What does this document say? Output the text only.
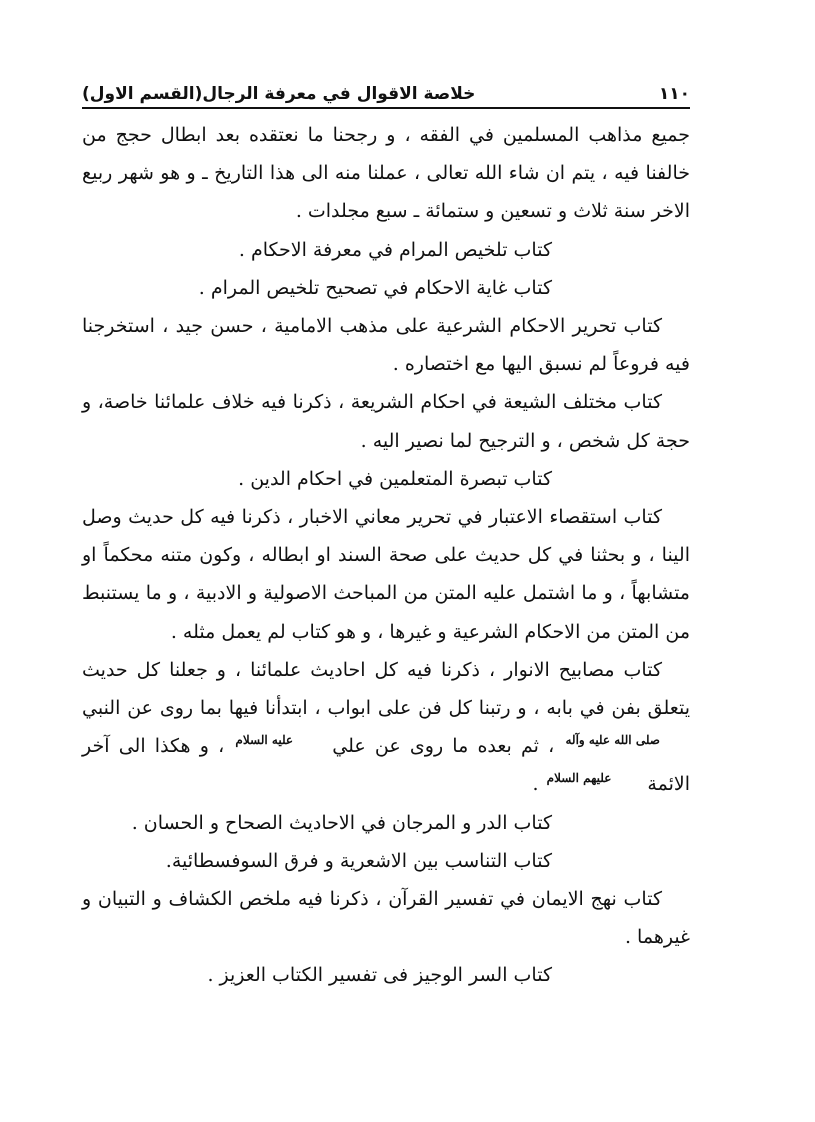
١١٠
خلاصة الاقوال في معرفة الرجال(القسم الاول)

جميع مذاهب المسلمين في الفقه ، و رجحنا ما نعتقده بعد ابطال حجج من خالفنا فيه ، يتم ان شاء الله تعالى ، عملنا منه الى هذا التاريخ ـ و هو شهر ربيع الاخر سنة ثلاث و تسعين و ستمائة ـ سبع مجلدات .

كتاب تلخيص المرام في معرفة الاحكام .

كتاب غاية الاحكام في تصحيح تلخيص المرام .

كتاب تحرير الاحكام الشرعية على مذهب الامامية ، حسن جيد ، استخرجنا فيه فروعاً لم نسبق اليها مع اختصاره .

كتاب مختلف الشيعة في احكام الشريعة ، ذكرنا فيه خلاف علمائنا خاصة، و حجة كل شخص ، و الترجيح لما نصير اليه .

كتاب تبصرة المتعلمين في احكام الدين .

كتاب استقصاء الاعتبار في تحرير معاني الاخبار ، ذكرنا فيه كل حديث وصل الينا ، و بحثنا في كل حديث على صحة السند او ابطاله ، وكون متنه محكماً او متشابهاً ، و ما اشتمل عليه المتن من المباحث الاصولية و الادبية ، و ما يستنبط من المتن من الاحكام الشرعية و غيرها ، و هو كتاب لم يعمل مثله .

كتاب مصابيح الانوار ، ذكرنا فيه كل احاديث علمائنا ، و جعلنا كل حديث يتعلق بفن في بابه ، و رتبنا كل فن على ابواب ، ابتدأنا فيها بما روى عن النبي صلى الله عليه وآله ، ثم بعده ما روى عن علي عليه السلام ، و هكذا الى آخر الائمة عليهم السلام .

كتاب الدر و المرجان في الاحاديث الصحاح و الحسان .

كتاب التناسب بين الاشعرية و فرق السوفسطائية.

كتاب نهج الايمان في تفسير القرآن ، ذكرنا فيه ملخص الكشاف و التبيان و غيرهما .

كتاب السر الوجيز فى تفسير الكتاب العزيز .
